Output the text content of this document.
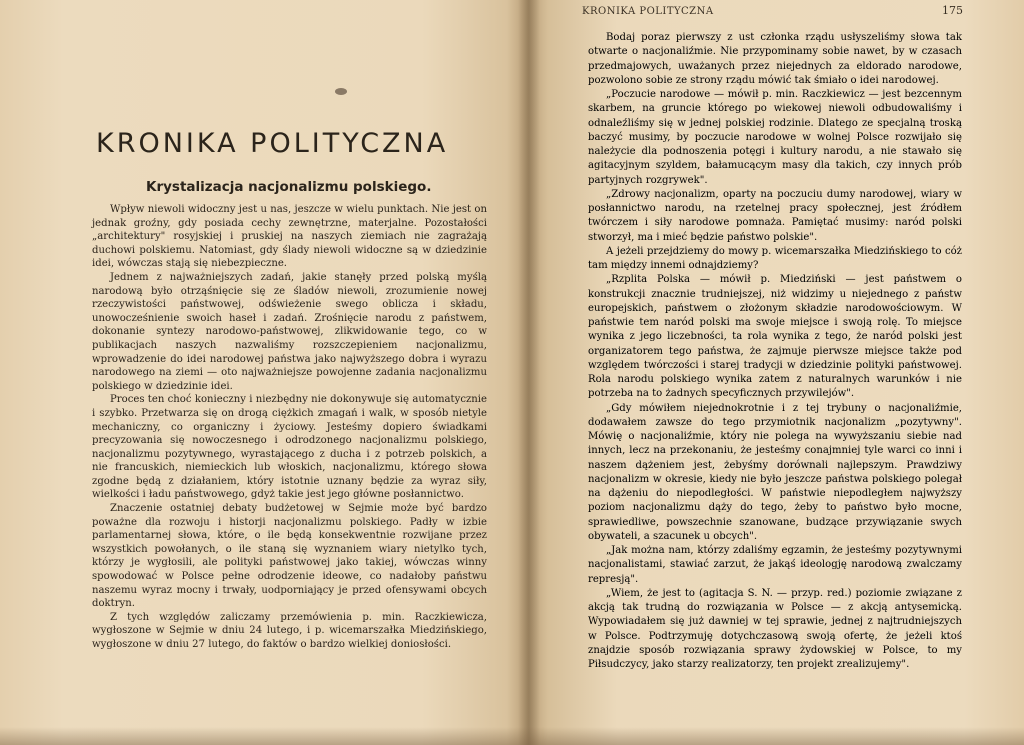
KRONIKA POLITYCZNA
Krystalizacja nacjonalizmu polskiego.

Wpływ niewoli widoczny jest u nas, jeszcze w wielu punktach. Nie jest on jednak groźny, gdy posiada cechy zewnętrzne, materjalne. Pozostałości „architektury" rosyjskiej i pruskiej na naszych ziemiach nie zagrażają duchowi polskiemu. Natomiast, gdy ślady niewoli widoczne są w dziedzinie idei, wówczas stają się niebezpieczne.

Jednem z najważniejszych zadań, jakie stanęły przed polską myślą narodową było otrząśnięcie się ze śladów niewoli, zrozumienie nowej rzeczywistości państwowej, odświeżenie swego oblicza i składu, unowocześnienie swoich haseł i zadań. Zrośnięcie narodu z państwem, dokonanie syntezy narodowo-państwowej, zlikwidowanie tego, co w publikacjach naszych nazwaliśmy rozszczepieniem nacjonalizmu, wprowadzenie do idei narodowej państwa jako najwyższego dobra i wyrazu narodowego na ziemi — oto najważniejsze powojenne zadania nacjonalizmu polskiego w dziedzinie idei.

Proces ten choć konieczny i niezbędny nie dokonywuje się automatycznie i szybko. Przetwarza się on drogą ciężkich zmagań i walk, w sposób nietyle mechaniczny, co organiczny i życiowy. Jesteśmy dopiero świadkami precyzowania się nowoczesnego i odrodzonego nacjonalizmu polskiego, nacjonalizmu pozytywnego, wyrastającego z ducha i z potrzeb polskich, a nie francuskich, niemieckich lub włoskich, nacjonalizmu, którego słowa zgodne będą z działaniem, który istotnie uznany będzie za wyraz siły, wielkości i ładu państwowego, gdyż takie jest jego główne posłannictwo.

Znaczenie ostatniej debaty budżetowej w Sejmie może być bardzo poważne dla rozwoju i historji nacjonalizmu polskiego. Padły w izbie parlamentarnej słowa, które, o ile będą konsekwentnie rozwijane przez wszystkich powołanych, o ile staną się wyznaniem wiary nietylko tych, którzy je wygłosili, ale polityki państwowej jako takiej, wówczas winny spowodować w Polsce pełne odrodzenie ideowe, co nadałoby państwu naszemu wyraz mocny i trwały, uodporniający je przed ofensywami obcych doktryn.

Z tych względów zaliczamy przemówienia p. min. Raczkiewicza, wygłoszone w Sejmie w dniu 24 lutego, i p. wicemarszałka Miedzińskiego, wygłoszone w dniu 27 lutego, do faktów o bardzo wielkiej doniosłości.

KRONIKA POLITYCZNA	175

Bodaj poraz pierwszy z ust członka rządu usłyszeliśmy słowa tak otwarte o nacjonaliźmie. Nie przypominamy sobie nawet, by w czasach przedmajowych, uważanych przez niejednych za eldorado narodowe, pozwolono sobie ze strony rządu mówić tak śmiało o idei narodowej.

„Poczucie narodowe — mówił p. min. Raczkiewicz — jest bezcennym skarbem, na gruncie którego po wiekowej niewoli odbudowaliśmy i odnaleźliśmy się w jednej polskiej rodzinie. Dlatego ze specjalną troską baczyć musimy, by poczucie narodowe w wolnej Polsce rozwijało się należycie dla podnoszenia potęgi i kultury narodu, a nie stawało się agitacyjnym szyldem, bałamucącym masy dla takich, czy innych prób partyjnych rozgrywek".

„Zdrowy nacjonalizm, oparty na poczuciu dumy narodowej, wiary w posłannictwo narodu, na rzetelnej pracy społecznej, jest źródłem twórczem i siły narodowe pomnaża. Pamiętać musimy: naród polski stworzył, ma i mieć będzie państwo polskie".

A jeżeli przejdziemy do mowy p. wicemarszałka Miedzińskiego to cóż tam między innemi odnajdziemy?

„Rzplita Polska — mówił p. Miedziński — jest państwem o konstrukcji znacznie trudniejszej, niż widzimy u niejednego z państw europejskich, państwem o złożonym składzie narodowościowym. W państwie tem naród polski ma swoje miejsce i swoją rolę. To miejsce wynika z jego liczebności, ta rola wynika z tego, że naród polski jest organizatorem tego państwa, że zajmuje pierwsze miejsce także pod względem twórczości i starej tradycji w dziedzinie polityki państwowej. Rola narodu polskiego wynika zatem z naturalnych warunków i nie potrzeba na to żadnych specyficznych przywilejów".

„Gdy mówiłem niejednokrotnie i z tej trybuny o nacjonaliźmie, dodawałem zawsze do tego przymiotnik nacjonalizm „pozytywny". Mówię o nacjonaliźmie, który nie polega na wywyższaniu siebie nad innych, lecz na przekonaniu, że jesteśmy conajmniej tyle warci co inni i naszem dążeniem jest, żebyśmy dorównali najlepszym. Prawdziwy nacjonalizm w okresie, kiedy nie było jeszcze państwa polskiego polegał na dążeniu do niepodległości. W państwie niepodległem najwyższy poziom nacjonalizmu dąży do tego, żeby to państwo było mocne, sprawiedliwe, powszechnie szanowane, budzące przywiązanie swych obywateli, a szacunek u obcych".

„Jak można nam, którzy zdaliśmy egzamin, że jesteśmy pozytywnymi nacjonalistami, stawiać zarzut, że jakąś ideologję narodową zwalczamy represją".

„Wiem, że jest to (agitacja S. N. — przyp. red.) poziomie związane z akcją tak trudną do rozwiązania w Polsce — z akcją antysemicką. Wypowiadałem się już dawniej w tej sprawie, jednej z najtrudniejszych w Polsce. Podtrzymuję dotychczasową swoją ofertę, że jeżeli ktoś znajdzie sposób rozwiązania sprawy żydowskiej w Polsce, to my Piłsudczycy, jako starzy realizatorzy, ten projekt zrealizujemy".
